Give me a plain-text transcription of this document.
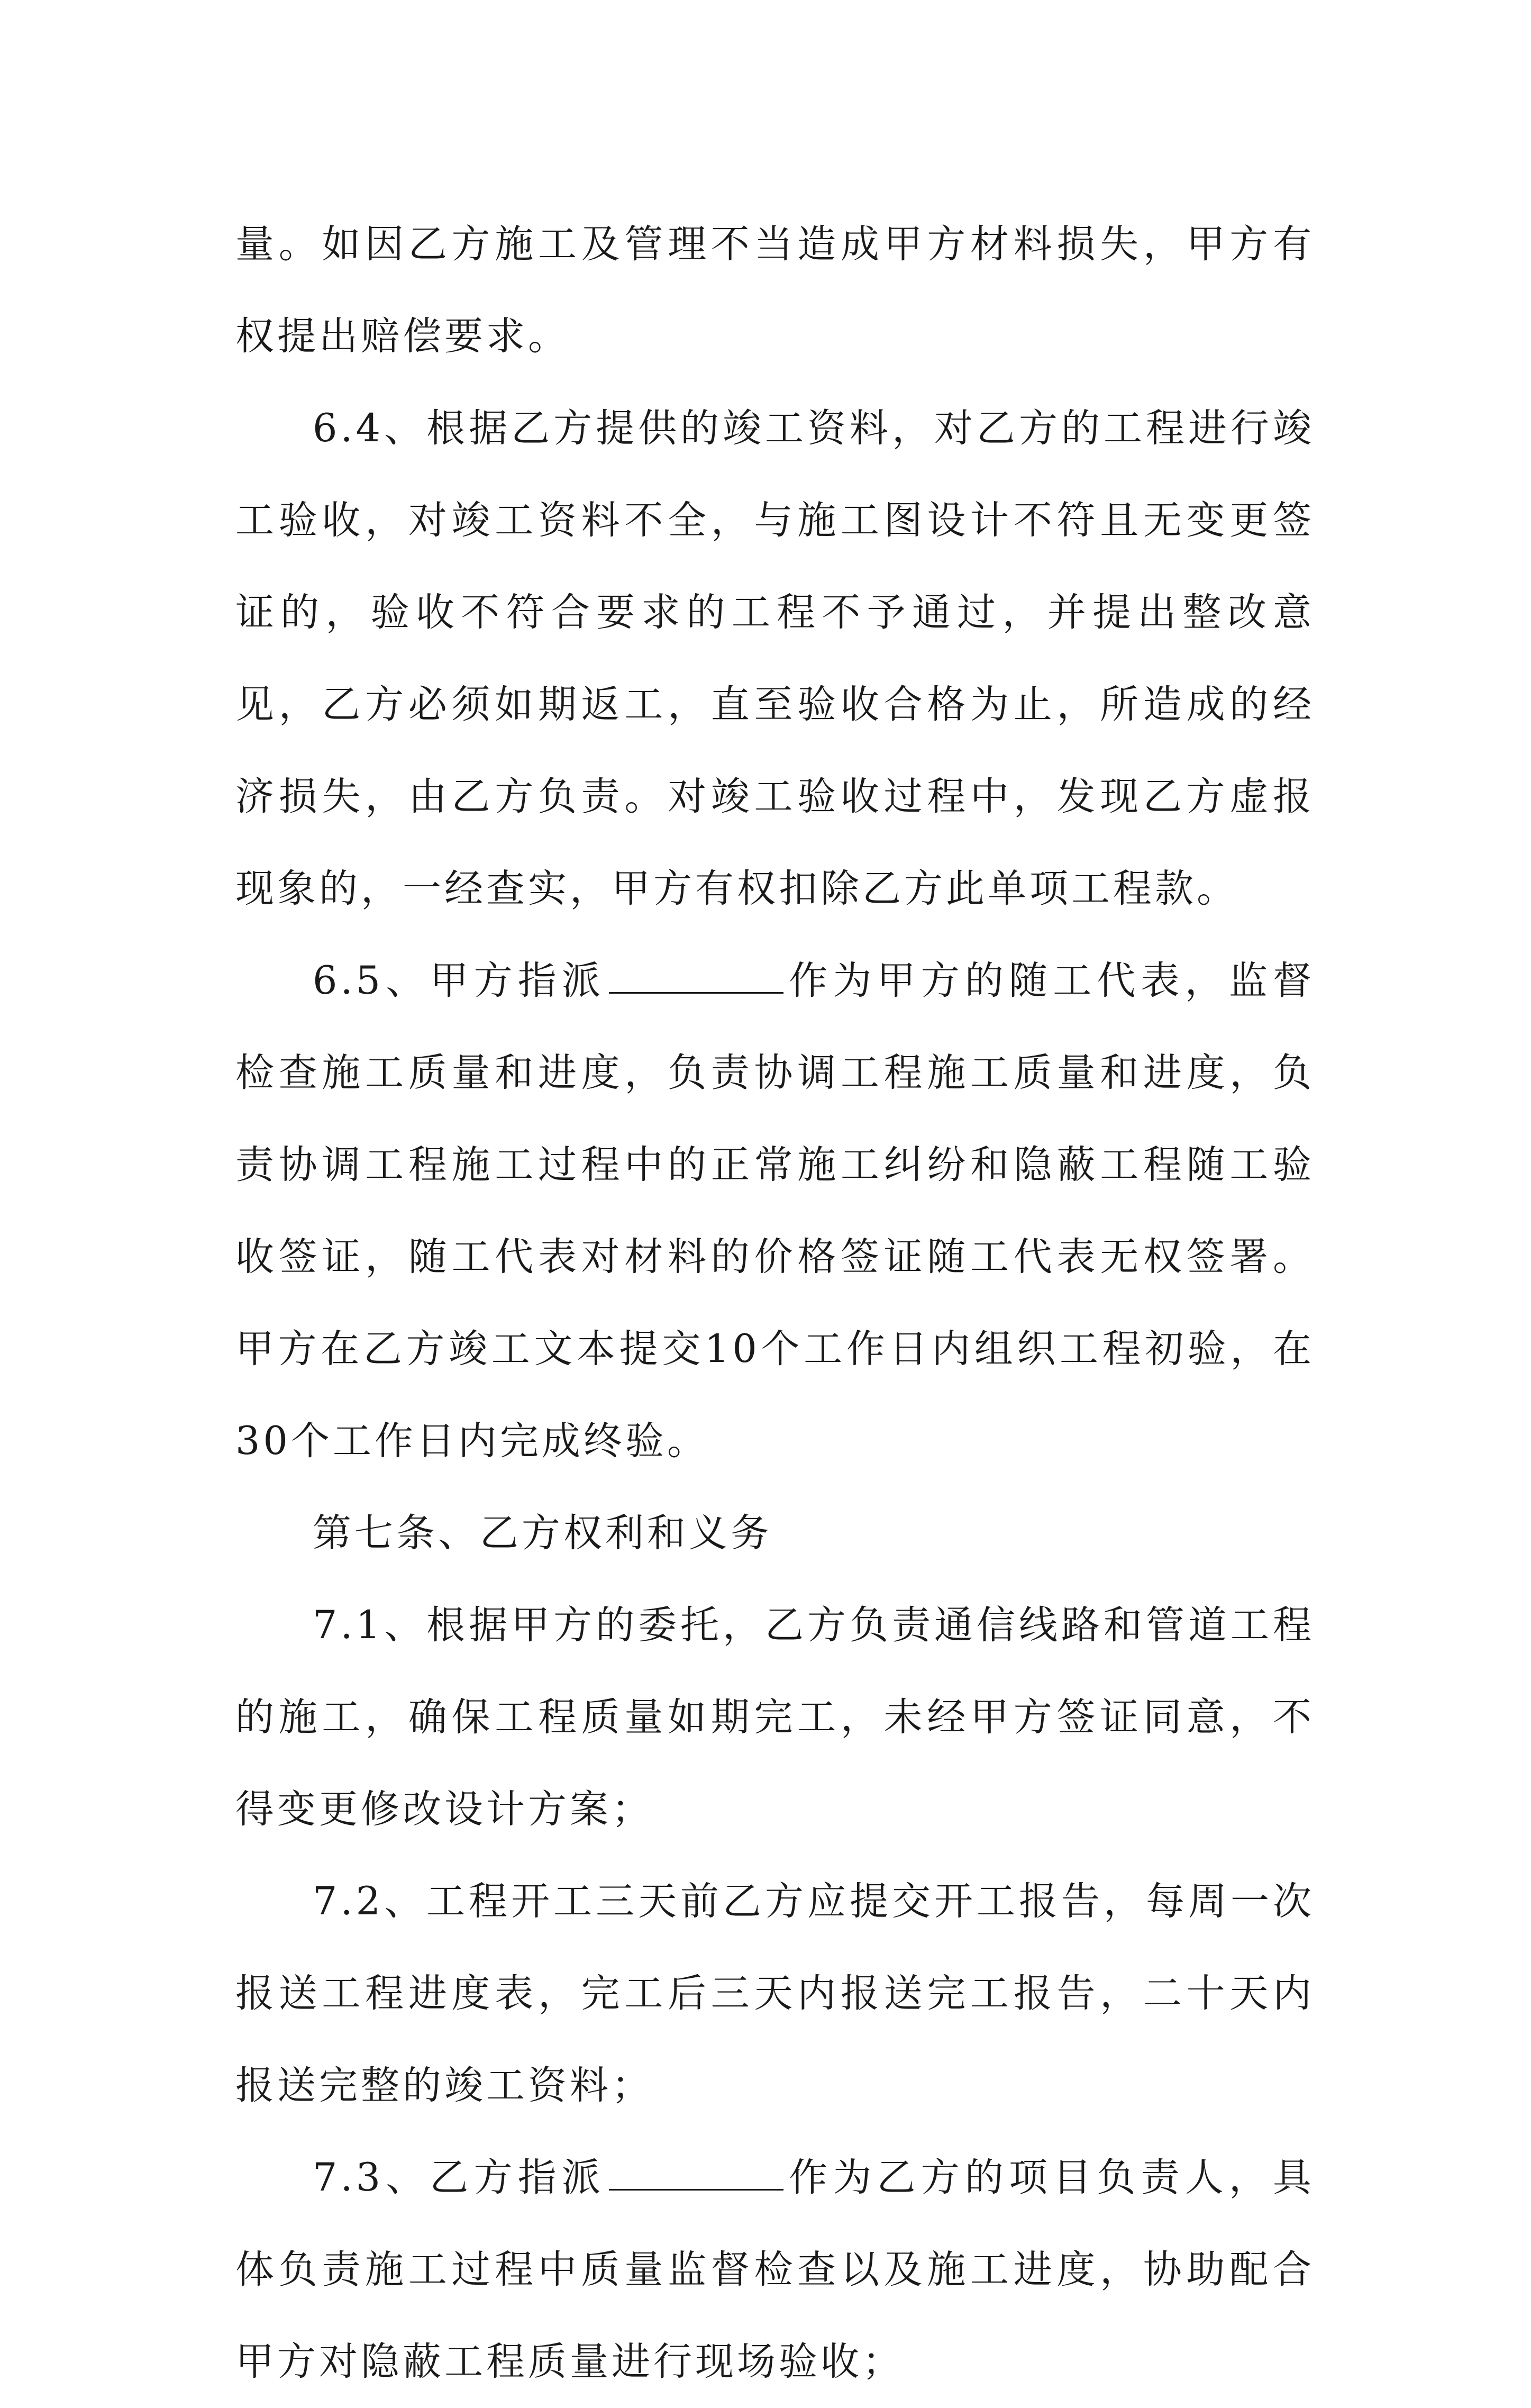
量。如因乙方施工及管理不当造成甲方材料损失，甲方有权提出赔偿要求。

6.4、根据乙方提供的竣工资料，对乙方的工程进行竣工验收，对竣工资料不全，与施工图设计不符且无变更签证的，验收不符合要求的工程不予通过，并提出整改意见，乙方必须如期返工，直至验收合格为止，所造成的经济损失，由乙方负责。对竣工验收过程中，发现乙方虚报现象的，一经查实，甲方有权扣除乙方此单项工程款。

6.5、甲方指派	作为甲方的随工代表，监督检查施工质量和进度，负责协调工程施工质量和进度，负责协调工程施工过程中的正常施工纠纷和隐蔽工程随工验收签证，随工代表对材料的价格签证随工代表无权签署。甲方在乙方竣工文本提交10个工作日内组织工程初验，在30个工作日内完成终验。

第七条、乙方权利和义务

7.1、根据甲方的委托，乙方负责通信线路和管道工程的施工，确保工程质量如期完工，未经甲方签证同意，不得变更修改设计方案；

7.2、工程开工三天前乙方应提交开工报告，每周一次报送工程进度表，完工后三天内报送完工报告，二十天内报送完整的竣工资料；

7.3、乙方指派	作为乙方的项目负责人，具体负责施工过程中质量监督检查以及施工进度，协助配合甲方对隐蔽工程质量进行现场验收；
